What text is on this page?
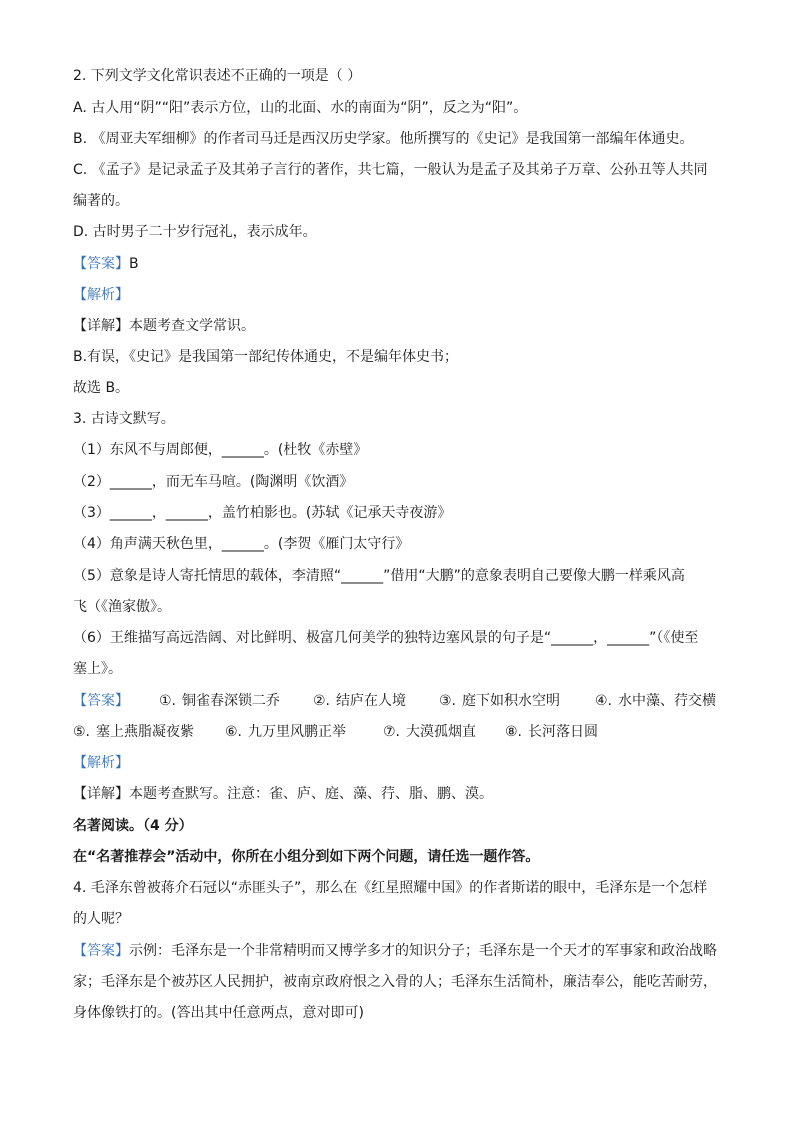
2. 下列文学文化常识表述不正确的一项是（ ）
A. 古人用“阴”“阳”表示方位，山的北面、水的南面为“阴”，反之为“阳”。
B. 《周亚夫军细柳》的作者司马迁是西汉历史学家。他所撰写的《史记》是我国第一部编年体通史。
C. 《孟子》是记录孟子及其弟子言行的著作，共七篇，一般认为是孟子及其弟子万章、公孙丑等人共同
编著的。
D. 古时男子二十岁行冠礼，表示成年。
【答案】B
【解析】
【详解】本题考查文学常识。
B.有误，《史记》是我国第一部纪传体通史，不是编年体史书；
故选 B。
3. 古诗文默写。
（1）东风不与周郎便，______。(杜牧《赤壁》
（2）______，而无车马喧。(陶渊明《饮酒》
（3）______，______，盖竹柏影也。(苏轼《记承天寺夜游》
（4）角声满天秋色里，______。(李贺《雁门太守行》
（5）意象是诗人寄托情思的载体，李清照“______”借用“大鹏”的意象表明自己要像大鹏一样乘风高
飞（《渔家傲》。
（6）王维描写高远浩阔、对比鲜明、极富几何美学的独特边塞风景的句子是“______，______”（《使至
塞上》。
【答案】 ①. 铜雀春深锁二乔 ②. 结庐在人境 ③. 庭下如积水空明 ④. 水中藻、荇交横
⑤. 塞上燕脂凝夜紫 ⑥. 九万里风鹏正举	⑦. 大漠孤烟直 ⑧. 长河落日圆
【解析】
【详解】本题考查默写。注意：雀、庐、庭、藻、荇、脂、鹏、漠。
名著阅读。（4 分）
在“名著推荐会”活动中，你所在小组分到如下两个问题，请任选一题作答。
4. 毛泽东曾被蒋介石冠以“赤匪头子”，那么在《红星照耀中国》的作者斯诺的眼中，毛泽东是一个怎样
的人呢？
【答案】示例：毛泽东是一个非常精明而又博学多才的知识分子；毛泽东是一个天才的军事家和政治战略
家；毛泽东是个被苏区人民拥护，被南京政府恨之入骨的人；毛泽东生活简朴，廉洁奉公，能吃苦耐劳，
身体像铁打的。(答出其中任意两点，意对即可)
